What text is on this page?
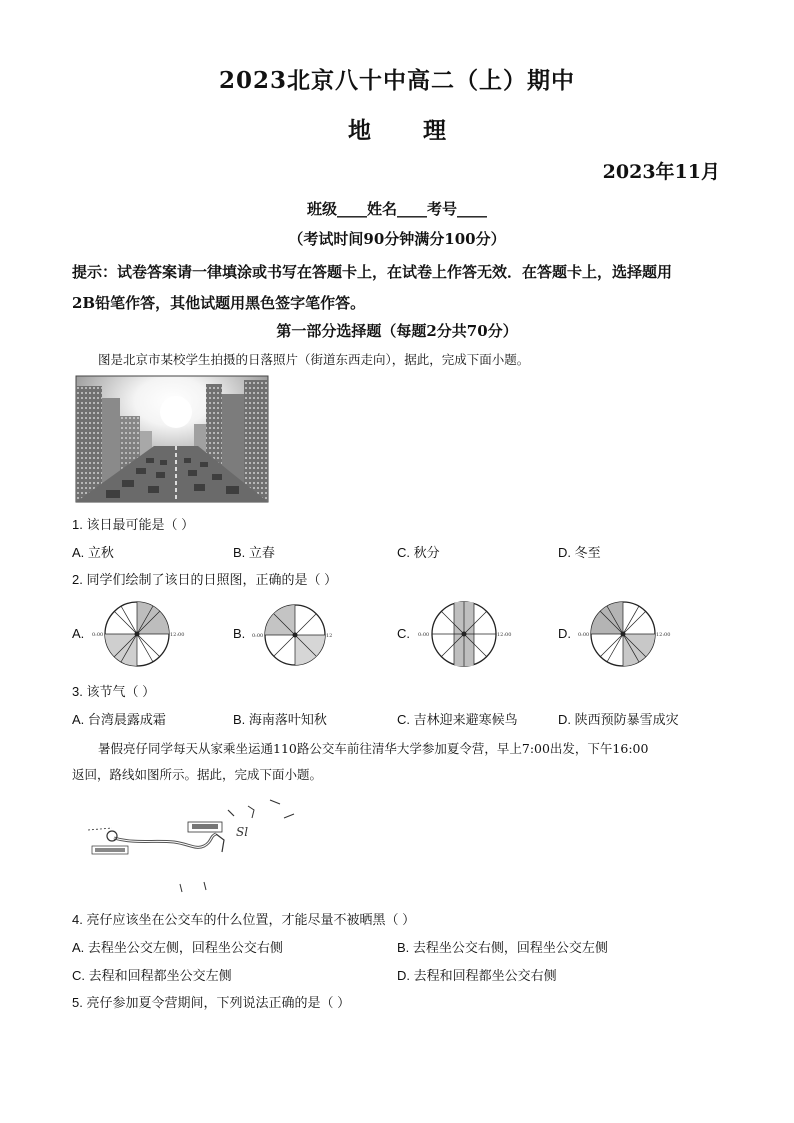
2023北京八十中高二（上）期中
地 理
2023年11月
班级____姓名____考号____
（考试时间90分钟满分100分）
提示：试卷答案请一律填涂或书写在答题卡上，在试卷上作答无效．在答题卡上，选择题用
2B铅笔作答，其他试题用黑色签字笔作答。
第一部分选择题（每题2分共70分）
图是北京市某校学生拍摄的日落照片（街道东西走向），据此，完成下面小题。
1. 该日最可能是（ ）
A. 立秋	B. 立春	C. 秋分	D. 冬至
2. 同学们绘制了该日的日照图，正确的是（ ）
A. 0:00	12:00	B. 0:00	12	C. 0:00	12:00	D. 0:00	12:00
3. 该节气（ ）
A. 台湾晨露成霜	B. 海南落叶知秋	C. 吉林迎来避寒候鸟	D. 陕西预防暴雪成灾
暑假亮仔同学每天从家乘坐运通110路公交车前往清华大学参加夏令营，早上7:00出发，下午16:00
返回，路线如图所示。据此，完成下面小题。
Sl
4. 亮仔应该坐在公交车的什么位置，才能尽量不被晒黑（ ）
A. 去程坐公交左侧，回程坐公交右侧	B. 去程坐公交右侧，回程坐公交左侧
C. 去程和回程都坐公交左侧	D. 去程和回程都坐公交右侧
5. 亮仔参加夏令营期间，下列说法正确的是（ ）
